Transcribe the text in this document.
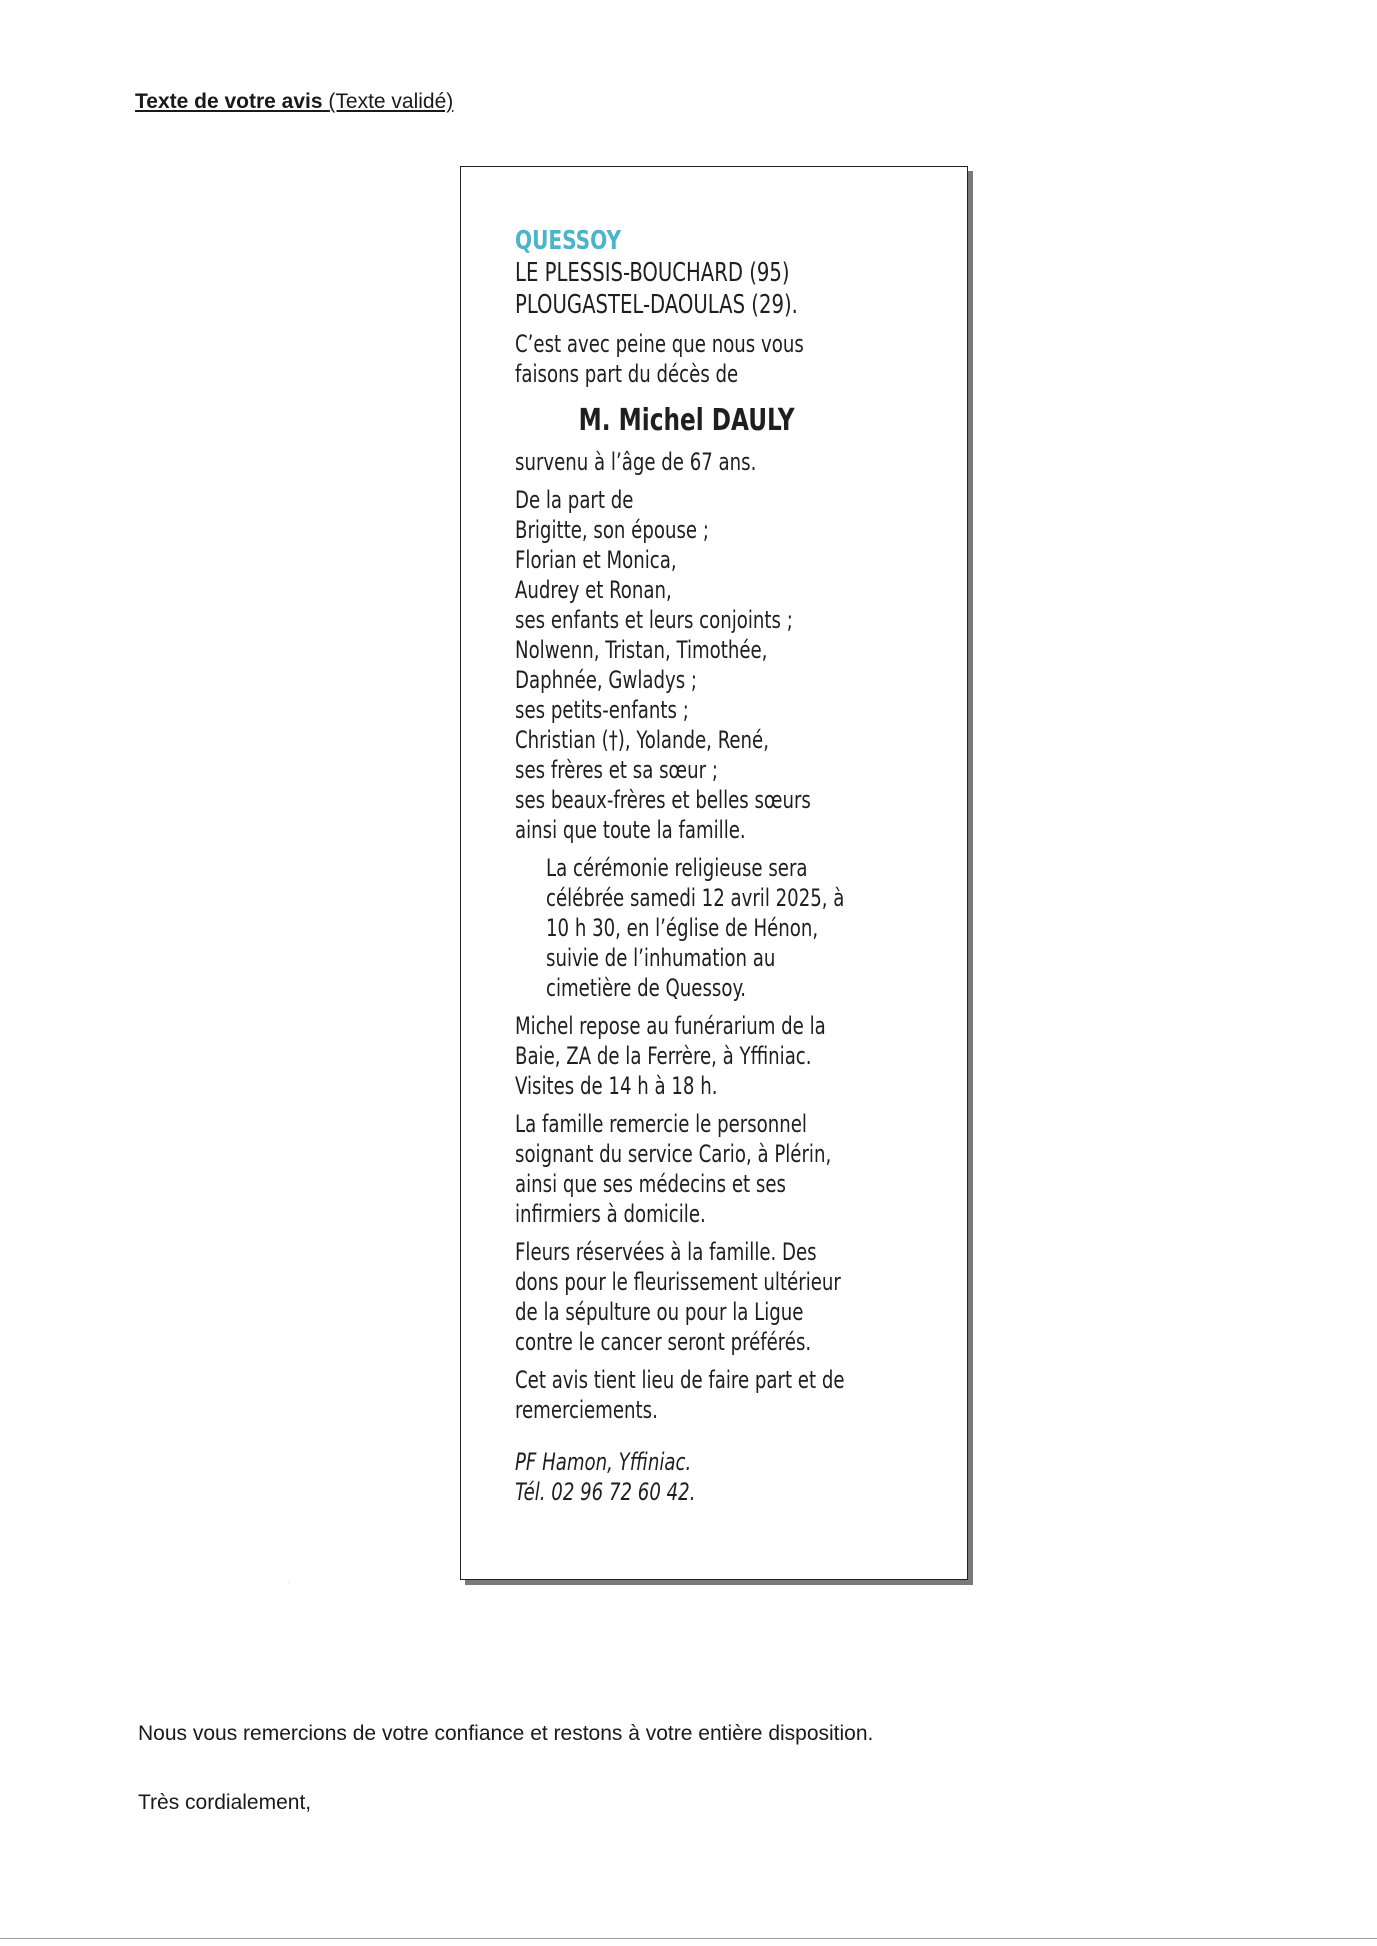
Texte de votre avis (Texte validé)
QUESSOY
LE PLESSIS-BOUCHARD (95)
PLOUGASTEL-DAOULAS (29).
C’est avec peine que nous vous
faisons part du décès de
M. Michel DAULY
survenu à l’âge de 67 ans.
De la part de
Brigitte, son épouse ;
Florian et Monica,
Audrey et Ronan,
ses enfants et leurs conjoints ;
Nolwenn, Tristan, Timothée,
Daphnée, Gwladys ;
ses petits-enfants ;
Christian (†), Yolande, René,
ses frères et sa sœur ;
ses beaux-frères et belles sœurs
ainsi que toute la famille.
La cérémonie religieuse sera
célébrée samedi 12 avril 2025, à
10 h 30, en l’église de Hénon,
suivie de l’inhumation au
cimetière de Quessoy.
Michel repose au funérarium de la
Baie, ZA de la Ferrère, à Yffiniac.
Visites de 14 h à 18 h.
La famille remercie le personnel
soignant du service Cario, à Plérin,
ainsi que ses médecins et ses
infirmiers à domicile.
Fleurs réservées à la famille. Des
dons pour le fleurissement ultérieur
de la sépulture ou pour la Ligue
contre le cancer seront préférés.
Cet avis tient lieu de faire part et de
remerciements.
PF Hamon, Yffiniac.
Tél. 02 96 72 60 42.
Nous vous remercions de votre confiance et restons à votre entière disposition.
Très cordialement,
